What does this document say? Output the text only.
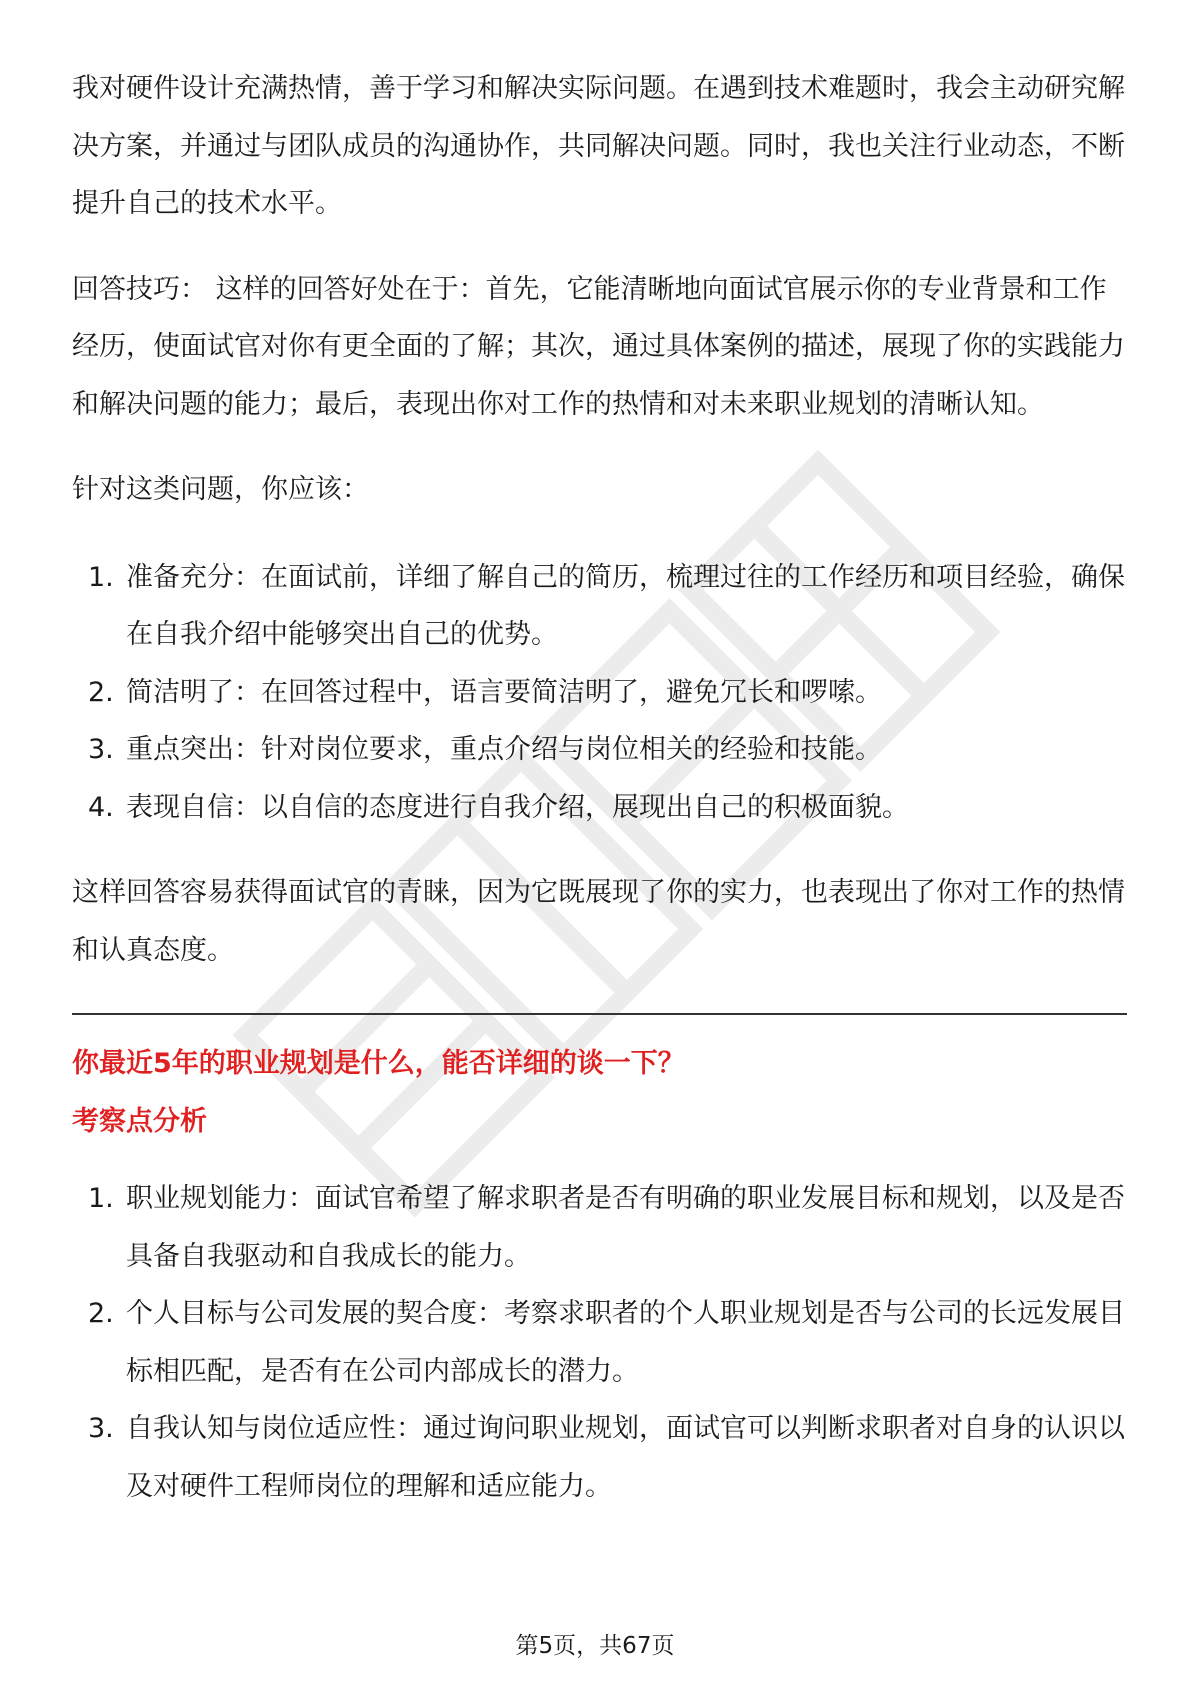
我对硬件设计充满热情，善于学习和解决实际问题。在遇到技术难题时，我会主动研究解决方案，并通过与团队成员的沟通协作，共同解决问题。同时，我也关注行业动态，不断提升自己的技术水平。

回答技巧： 这样的回答好处在于：首先，它能清晰地向面试官展示你的专业背景和工作经历，使面试官对你有更全面的了解；其次，通过具体案例的描述，展现了你的实践能力和解决问题的能力；最后，表现出你对工作的热情和对未来职业规划的清晰认知。

针对这类问题，你应该：

1. 准备充分：在面试前，详细了解自己的简历，梳理过往的工作经历和项目经验，确保在自我介绍中能够突出自己的优势。
2. 简洁明了：在回答过程中，语言要简洁明了，避免冗长和啰嗦。
3. 重点突出：针对岗位要求，重点介绍与岗位相关的经验和技能。
4. 表现自信：以自信的态度进行自我介绍，展现出自己的积极面貌。

这样回答容易获得面试官的青睐，因为它既展现了你的实力，也表现出了你对工作的热情和认真态度。

你最近5年的职业规划是什么，能否详细的谈一下？
考察点分析
1. 职业规划能力：面试官希望了解求职者是否有明确的职业发展目标和规划，以及是否具备自我驱动和自我成长的能力。
2. 个人目标与公司发展的契合度：考察求职者的个人职业规划是否与公司的长远发展目标相匹配，是否有在公司内部成长的潜力。
3. 自我认知与岗位适应性：通过询问职业规划，面试官可以判断求职者对自身的认识以及对硬件工程师岗位的理解和适应能力。
第5页，共67页
